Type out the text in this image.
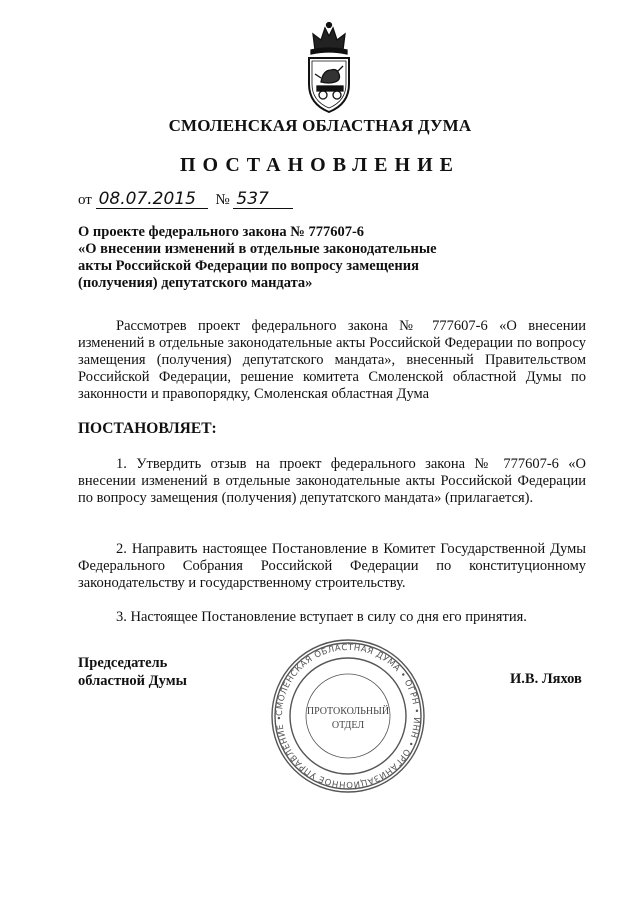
СМОЛЕНСКАЯ ОБЛАСТНАЯ ДУМА
ПОСТАНОВЛЕНИЕ
от 08.07.2015 № 537
О проекте федерального закона № 777607-6
«О внесении изменений в отдельные законодательные
акты Российской Федерации по вопросу замещения
(получения) депутатского мандата»
Рассмотрев проект федерального закона № 777607-6 «О внесении изменений в отдельные законодательные акты Российской Федерации по вопросу замещения (получения) депутатского мандата», внесенный Правительством Российской Федерации, решение комитета Смоленской областной Думы по законности и правопорядку, Смоленская областная Дума
ПОСТАНОВЛЯЕТ:
1. Утвердить отзыв на проект федерального закона № 777607-6 «О внесении изменений в отдельные законодательные акты Российской Федерации по вопросу замещения (получения) депутатского мандата» (прилагается).
2. Направить настоящее Постановление в Комитет Государственной Думы Федерального Собрания Российской Федерации по конституционному законодательству и государственному строительству.
3. Настоящее Постановление вступает в силу со дня его принятия.
Председатель
областной Думы	И.В. Ляхов
СМОЛЕНСКАЯ ОБЛАСТНАЯ ДУМА • ОГРН • ИНН • ОРГАНИЗАЦИОННОЕ УПРАВЛЕНИЕ •
ПРОТОКОЛЬНЫЙ
ОТДЕЛ
